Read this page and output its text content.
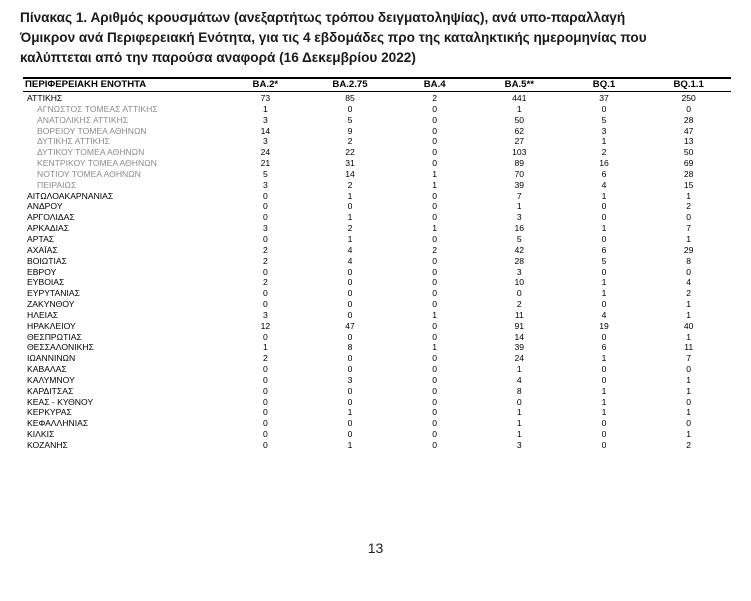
Πίνακας 1. Αριθμός κρουσμάτων (ανεξαρτήτως τρόπου δειγματοληψίας), ανά υπο-παραλλαγή
Όμικρον ανά Περιφερειακή Ενότητα, για τις 4 εβδομάδες προ της καταληκτικής ημερομηνίας που
καλύπτεται από την παρούσα αναφορά (16 Δεκεμβρίου 2022)
ΠΕΡΙΦΕΡΕΙΑΚΗ ΕΝΟΤΗΤΑ	BA.2*	BA.2.75	BA.4	BA.5**	BQ.1	BQ.1.1
ΑΤΤΙΚΗΣ	73	85	2	441	37	250
ΑΓΝΩΣΤΟΣ ΤΟΜΕΑΣ ΑΤΤΙΚΗΣ	1	0	0	1	0	0
ΑΝΑΤΟΛΙΚΗΣ ΑΤΤΙΚΗΣ	3	5	0	50	5	28
ΒΟΡΕΙΟΥ ΤΟΜΕΑ ΑΘΗΝΩΝ	14	9	0	62	3	47
ΔΥΤΙΚΗΣ ΑΤΤΙΚΗΣ	3	2	0	27	1	13
ΔΥΤΙΚΟΥ ΤΟΜΕΑ ΑΘΗΝΩΝ	24	22	0	103	2	50
ΚΕΝΤΡΙΚΟΥ ΤΟΜΕΑ ΑΘΗΝΩΝ	21	31	0	89	16	69
ΝΟΤΙΟΥ ΤΟΜΕΑ ΑΘΗΝΩΝ	5	14	1	70	6	28
ΠΕΙΡΑΙΩΣ	3	2	1	39	4	15
ΑΙΤΩΛΟΑΚΑΡΝΑΝΙΑΣ	0	1	0	7	1	1
ΑΝΔΡΟΥ	0	0	0	1	0	2
ΑΡΓΟΛΙΔΑΣ	0	1	0	3	0	0
ΑΡΚΑΔΙΑΣ	3	2	1	16	1	7
ΑΡΤΑΣ	0	1	0	5	0	1
ΑΧΑΪΑΣ	2	4	2	42	6	29
ΒΟΙΩΤΙΑΣ	2	4	0	28	5	8
ΕΒΡΟΥ	0	0	0	3	0	0
ΕΥΒΟΙΑΣ	2	0	0	10	1	4
ΕΥΡΥΤΑΝΙΑΣ	0	0	0	0	1	2
ΖΑΚΥΝΘΟΥ	0	0	0	2	0	1
ΗΛΕΙΑΣ	3	0	1	11	4	1
ΗΡΑΚΛΕΙΟΥ	12	47	0	91	19	40
ΘΕΣΠΡΩΤΙΑΣ	0	0	0	14	0	1
ΘΕΣΣΑΛΟΝΙΚΗΣ	1	8	1	39	6	11
ΙΩΑΝΝΙΝΩΝ	2	0	0	24	1	7
ΚΑΒΑΛΑΣ	0	0	0	1	0	0
ΚΑΛΥΜΝΟΥ	0	3	0	4	0	1
ΚΑΡΔΙΤΣΑΣ	0	0	0	8	1	1
ΚΕΑΣ - ΚΥΘΝΟΥ	0	0	0	0	1	0
ΚΕΡΚΥΡΑΣ	0	1	0	1	1	1
ΚΕΦΑΛΛΗΝΙΑΣ	0	0	0	1	0	0
ΚΙΛΚΙΣ	0	0	0	1	0	1
ΚΟΖΑΝΗΣ	0	1	0	3	0	2
13
